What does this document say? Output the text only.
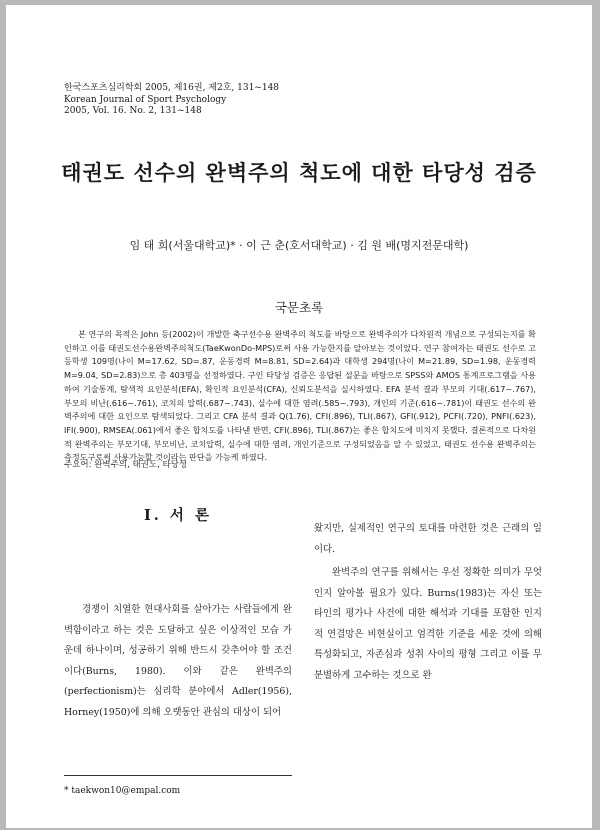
한국스포츠심리학회 2005, 제16권, 제2호, 131~148
Korean Journal of Sport Psychology
2005, Vol. 16. No. 2, 131~148
태권도 선수의 완벽주의 척도에 대한 타당성 검증
임 태 희(서울대학교)* · 이 근 춘(호서대학교) · 김 원 배(명지전문대학)
국문초록

본 연구의 목적은 John 등(2002)이 개발한 축구선수용 완벽주의 척도를 바탕으로 완벽주의가 다차원적 개념으로 구성되는지를 확인하고 이를 태권도선수용완벽주의척도(TaeKwonDo-MPS)로써 사용 가능한지를 알아보는 것이었다. 연구 참여자는 태권도 선수로 고등학생 109명(나이 M=17.62, SD=.87, 운동경력 M=8.81, SD=2.64)과 대학생 294명(나이 M=21.89, SD=1.98, 운동경력 M=9.04, SD=2.83)으로 총 403명을 선정하였다. 구인 타당성 검증은 응답된 설문을 바탕으로 SPSS와 AMOS 통계프로그램을 사용하여 기술통계, 탐색적 요인분석(EFA), 확인적 요인분석(CFA), 신뢰도분석을 실시하였다. EFA 분석 결과 부모의 기대(.617~.767), 부모의 비난(.616~.761), 코치의 압력(.687~.743), 실수에 대한 염려(.585~.793), 개인의 기준(.616~.781)이 태권도 선수의 완벽주의에 대한 요인으로 탐색되었다. 그리고 CFA 분석 결과 Q(1.76), CFI(.896), TLI(.867), GFI(.912), PCFI(.720), PNFI(.623), IFI(.900), RMSEA(.061)에서 좋은 합치도를 나타낸 반면, CFI(.896), TLI(.867)는 좋은 합치도에 미치지 못했다. 결론적으로 다차원적 완벽주의는 부모기대, 부모비난, 코치압력, 실수에 대한 염려, 개인기준으로 구성되었음을 알 수 있었고, 태권도 선수용 완벽주의는 측정도구로써 사용가능할 것이라는 판단을 가능케 하였다.

주요어: 완벽주의, 태권도, 타당성
I. 서 론

경쟁이 치열한 현대사회를 살아가는 사람들에게 완벽함이라고 하는 것은 도달하고 싶은 이상적인 모습 가운데 하나이며, 성공하기 위해 반드시 갖추어야 할 조건이다(Burns, 1980). 이와 같은 완벽주의(perfectionism)는 심리학 분야에서 Adler(1956), Horney(1950)에 의해 오랫동안 관심의 대상이 되어

왔지만, 실제적인 연구의 토대를 마련한 것은 근래의 일이다.

완벽주의 연구를 위해서는 우선 정확한 의미가 무엇인지 알아볼 필요가 있다. Burns(1983)는 자신 또는 타인의 평가나 사건에 대한 해석과 기대를 포함한 인지적 연결망은 비현실이고 엄격한 기준을 세운 것에 의해 특성화되고, 자존심과 성취 사이의 평형 그리고 이를 무분별하게 고수하는 것으로 완

* taekwon10@empal.com
